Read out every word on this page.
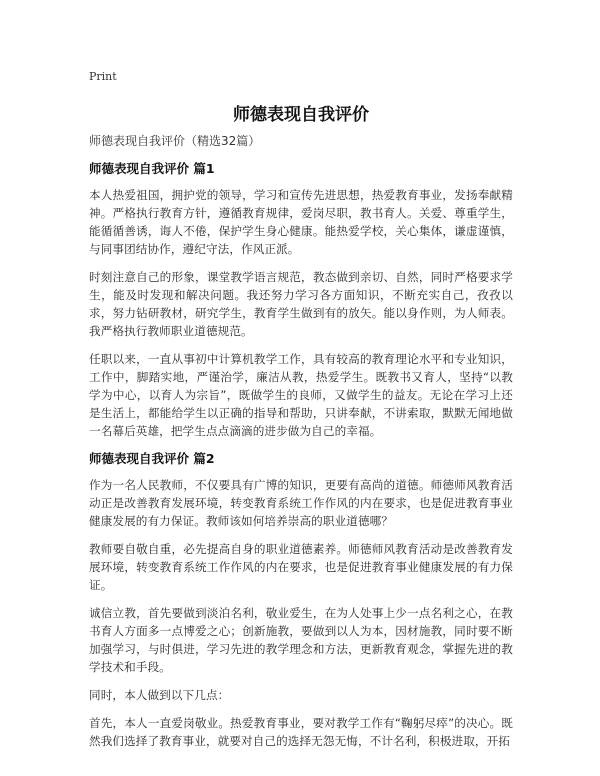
Print
师德表现自我评价

师德表现自我评价（精选32篇）

师德表现自我评价 篇1

本人热爱祖国，拥护党的领导，学习和宣传先进思想，热爱教育事业，发扬奉献精神。严格执行教育方针，遵循教育规律，爱岗尽职，教书育人。关爱、尊重学生，能循循善诱，诲人不倦，保护学生身心健康。能热爱学校，关心集体，谦虚谨慎，与同事团结协作，遵纪守法，作风正派。

时刻注意自己的形象，课堂教学语言规范，教态做到亲切、自然，同时严格要求学生，能及时发现和解决问题。我还努力学习各方面知识，不断充实自己，孜孜以求，努力钻研教材，研究学生，教育学生做到有的放矢。能以身作则，为人师表。我严格执行教师职业道德规范。

任职以来，一直从事初中计算机教学工作，具有较高的教育理论水平和专业知识，工作中，脚踏实地，严谨治学，廉洁从教，热爱学生。既教书又育人，坚持“以教学为中心，以育人为宗旨”，既做学生的良师，又做学生的益友。无论在学习上还是生活上，都能给学生以正确的指导和帮助，只讲奉献，不讲索取，默默无闻地做一名幕后英雄，把学生点点滴滴的进步做为自己的幸福。

师德表现自我评价 篇2

作为一名人民教师，不仅要具有广博的知识，更要有高尚的道德。师德师风教育活动正是改善教育发展环境，转变教育系统工作作风的内在要求，也是促进教育事业健康发展的有力保证。教师该如何培养崇高的职业道德哪？

教师要自敬自重，必先提高自身的职业道德素养。师德师风教育活动是改善教育发展环境，转变教育系统工作作风的内在要求，也是促进教育事业健康发展的有力保证。

诚信立教，首先要做到淡泊名利，敬业爱生，在为人处事上少一点名利之心，在教书育人方面多一点博爱之心；创新施教，要做到以人为本，因材施教，同时要不断加强学习，与时俱进，学习先进的教学理念和方法，更新教育观念，掌握先进的教学技术和手段。

同时，本人做到以下几点：

首先，本人一直爱岗敬业。热爱教育事业，要对教学工作有“鞠躬尽瘁”的决心。既然我们选择了教育事业，就要对自己的选择无怨无悔，不计名利，积极进取，开拓
